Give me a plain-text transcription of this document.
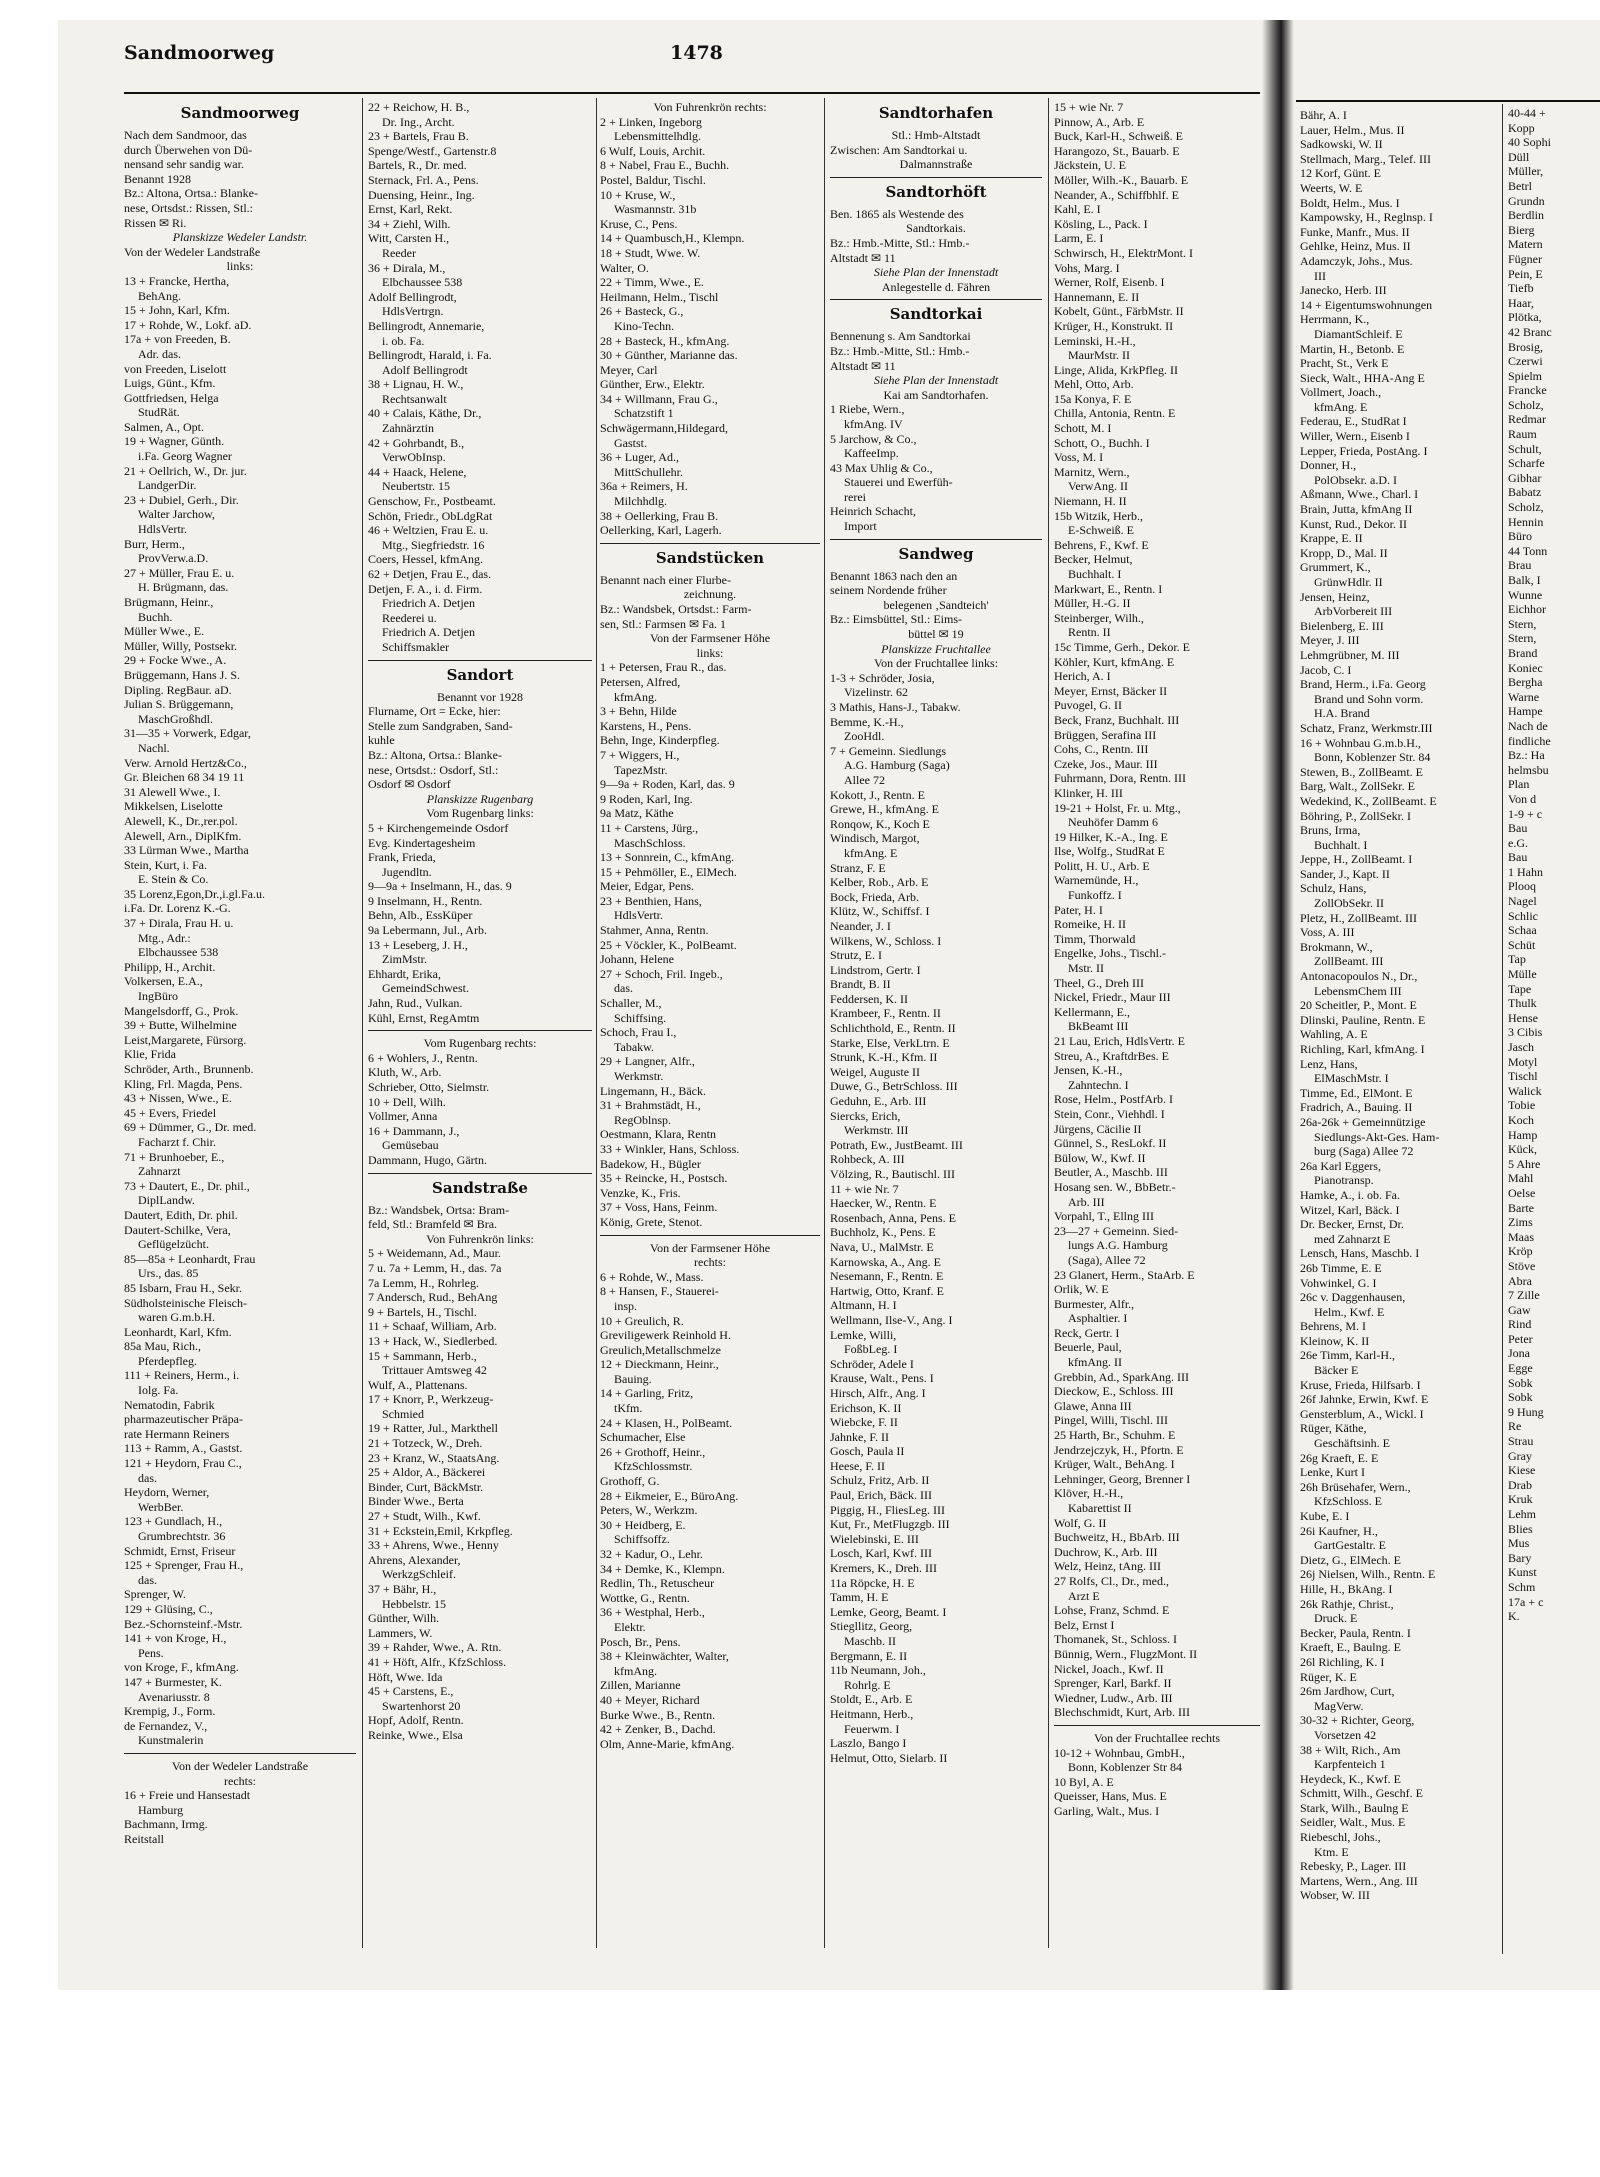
Sandmoorweg	1478

Sandmoorweg

Nach dem Sandmoor, das

durch Überwehen von Dü-

nensand sehr sandig war.

Benannt 1928

Bz.: Altona, Ortsa.: Blanke-

nese, Ortsdst.: Rissen, Stl.:

Rissen ✉ Ri.

Planskizze Wedeler Landstr.

Von der Wedeler Landstraße

links:

13 + Francke, Hertha,

BehAng.

15 + John, Karl, Kfm.

17 + Rohde, W., Lokf. aD.

17a + von Freeden, B.

Adr. das.

von Freeden, Liselott

Luigs, Günt., Kfm.

Gottfriedsen, Helga

StudRät.

Salmen, A., Opt.

19 + Wagner, Günth.

i.Fa. Georg Wagner

21 + Oellrich, W., Dr. jur.

LandgerDir.

23 + Dubiel, Gerh., Dir.

Walter Jarchow,

HdlsVertr.

Burr, Herm.,

ProvVerw.a.D.

27 + Müller, Frau E. u.

H. Brügmann, das.

Brügmann, Heinr.,

Buchh.

Müller Wwe., E.

Müller, Willy, Postsekr.

29 + Focke Wwe., A.

Brüggemann, Hans J. S.

Dipling. RegBaur. aD.

Julian S. Brüggemann,

MaschGroßhdl.

31—35 + Vorwerk, Edgar,

Nachl.

Verw. Arnold Hertz&Co.,

Gr. Bleichen 68 34 19 11

31 Alewell Wwe., I.

Mikkelsen, Liselotte

Alewell, K., Dr.,rer.pol.

Alewell, Arn., DiplKfm.

33 Lürman Wwe., Martha

Stein, Kurt, i. Fa.

E. Stein & Co.

35 Lorenz,Egon,Dr.,i.gl.Fa.u.

i.Fa. Dr. Lorenz K.-G.

37 + Dirala, Frau H. u.

Mtg., Adr.:

Elbchaussee 538

Philipp, H., Archit.

Volkersen, E.A.,

IngBüro

Mangelsdorff, G., Prok.

39 + Butte, Wilhelmine

Leist,Margarete, Fürsorg.

Klie, Frida

Schröder, Arth., Brunnenb.

Kling, Frl. Magda, Pens.

43 + Nissen, Wwe., E.

45 + Evers, Friedel

69 + Dümmer, G., Dr. med.

Facharzt f. Chir.

71 + Brunhoeber, E.,

Zahnarzt

73 + Dautert, E., Dr. phil.,

DiplLandw.

Dautert, Edith, Dr. phil.

Dautert-Schilke, Vera,

Geflügelzücht.

85—85a + Leonhardt, Frau

Urs., das. 85

85 Isbarn, Frau H., Sekr.

Südholsteinische Fleisch-

waren G.m.b.H.

Leonhardt, Karl, Kfm.

85a Mau, Rich.,

Pferdepfleg.

111 + Reiners, Herm., i.

Iolg. Fa.

Nematodin, Fabrik

pharmazeutischer Präpa-

rate Hermann Reiners

113 + Ramm, A., Gastst.

121 + Heydorn, Frau C.,

das.

Heydorn, Werner,

WerbBer.

123 + Gundlach, H.,

Grumbrechtstr. 36

Schmidt, Ernst, Friseur

125 + Sprenger, Frau H.,

das.

Sprenger, W.

129 + Glüsing, C.,

Bez.-Schornsteinf.-Mstr.

141 + von Kroge, H.,

Pens.

von Kroge, F., kfmAng.

147 + Burmester, K.

Avenariusstr. 8

Krempig, J., Form.

de Fernandez, V.,

Kunstmalerin

Von der Wedeler Landstraße

rechts:

16 + Freie und Hansestadt

Hamburg

Bachmann, Irmg.

Reitstall

22 + Reichow, H. B.,

Dr. Ing., Archt.

23 + Bartels, Frau B.

Spenge/Westf., Gartenstr.8

Bartels, R., Dr. med.

Sternack, Frl. A., Pens.

Duensing, Heinr., Ing.

Ernst, Karl, Rekt.

34 + Ziehl, Wilh.

Witt, Carsten H.,

Reeder

36 + Dirala, M.,

Elbchaussee 538

Adolf Bellingrodt,

HdlsVertrgn.

Bellingrodt, Annemarie,

i. ob. Fa.

Bellingrodt, Harald, i. Fa.

Adolf Bellingrodt

38 + Lignau, H. W.,

Rechtsanwalt

40 + Calais, Käthe, Dr.,

Zahnärztin

42 + Gohrbandt, B.,

VerwObInsp.

44 + Haack, Helene,

Neubertstr. 15

Genschow, Fr., Postbeamt.

Schön, Friedr., ObLdgRat

46 + Weltzien, Frau E. u.

Mtg., Siegfriedstr. 16

Coers, Hessel, kfmAng.

62 + Detjen, Frau E., das.

Detjen, F. A., i. d. Firm.

Friedrich A. Detjen

Reederei u.

Friedrich A. Detjen

Schiffsmakler

Sandort

Benannt vor 1928

Flurname, Ort = Ecke, hier:

Stelle zum Sandgraben, Sand-

kuhle

Bz.: Altona, Ortsa.: Blanke-

nese, Ortsdst.: Osdorf, Stl.:

Osdorf ✉ Osdorf

Planskizze Rugenbarg

Vom Rugenbarg links:

5 + Kirchengemeinde Osdorf

Evg. Kindertagesheim

Frank, Frieda,

Jugendltn.

9—9a + Inselmann, H., das. 9

9 Inselmann, H., Rentn.

Behn, Alb., EssKüper

9a Lebermann, Jul., Arb.

13 + Leseberg, J. H.,

ZimMstr.

Ehhardt, Erika,

GemeindSchwest.

Jahn, Rud., Vulkan.

Kühl, Ernst, RegAmtm

Vom Rugenbarg rechts:

6 + Wohlers, J., Rentn.

Kluth, W., Arb.

Schrieber, Otto, Sielmstr.

10 + Dell, Wilh.

Vollmer, Anna

16 + Dammann, J.,

Gemüsebau

Dammann, Hugo, Gärtn.

Sandstraße

Bz.: Wandsbek, Ortsa: Bram-

feld, Stl.: Bramfeld ✉ Bra.

Von Fuhrenkrön links:

5 + Weidemann, Ad., Maur.

7 u. 7a + Lemm, H., das. 7a

7a Lemm, H., Rohrleg.

7 Andersch, Rud., BehAng

9 + Bartels, H., Tischl.

11 + Schaaf, William, Arb.

13 + Hack, W., Siedlerbed.

15 + Sammann, Herb.,

Trittauer Amtsweg 42

Wulf, A., Plattenans.

17 + Knorr, P., Werkzeug-

Schmied

19 + Ratter, Jul., Markthell

21 + Totzeck, W., Dreh.

23 + Kranz, W., StaatsAng.

25 + Aldor, A., Bäckerei

Binder, Curt, BäckMstr.

Binder Wwe., Berta

27 + Studt, Wilh., Kwf.

31 + Eckstein,Emil, Krkpfleg.

33 + Ahrens, Wwe., Henny

Ahrens, Alexander,

WerkzgSchleif.

37 + Bähr, H.,

Hebbelstr. 15

Günther, Wilh.

Lammers, W.

39 + Rahder, Wwe., A. Rtn.

41 + Höft, Alfr., KfzSchloss.

Höft, Wwe. Ida

45 + Carstens, E.,

Swartenhorst 20

Hopf, Adolf, Rentn.

Reinke, Wwe., Elsa

Von Fuhrenkrön rechts:

2 + Linken, Ingeborg

Lebensmittelhdlg.

6 Wulf, Louis, Archit.

8 + Nabel, Frau E., Buchh.

Postel, Baldur, Tischl.

10 + Kruse, W.,

Wasmannstr. 31b

Kruse, C., Pens.

14 + Quambusch,H., Klempn.

18 + Studt, Wwe. W.

Walter, O.

22 + Timm, Wwe., E.

Heilmann, Helm., Tischl

26 + Basteck, G.,

Kino-Techn.

28 + Basteck, H., kfmAng.

30 + Günther, Marianne das.

Meyer, Carl

Günther, Erw., Elektr.

34 + Willmann, Frau G.,

Schatzstift 1

Schwägermann,Hildegard,

Gastst.

36 + Luger, Ad.,

MittSchullehr.

36a + Reimers, H.

Milchhdlg.

38 + Oellerking, Frau B.

Oellerking, Karl, Lagerh.

Sandstücken

Benannt nach einer Flurbe-

zeichnung.

Bz.: Wandsbek, Ortsdst.: Farm-

sen, Stl.: Farmsen ✉ Fa. 1

Von der Farmsener Höhe

links:

1 + Petersen, Frau R., das.

Petersen, Alfred,

kfmAng.

3 + Behn, Hilde

Karstens, H., Pens.

Behn, Inge, Kinderpfleg.

7 + Wiggers, H.,

TapezMstr.

9—9a + Roden, Karl, das. 9

9 Roden, Karl, Ing.

9a Matz, Käthe

11 + Carstens, Jürg.,

MaschSchloss.

13 + Sonnrein, C., kfmAng.

15 + Pehmöller, E., ElMech.

Meier, Edgar, Pens.

23 + Benthien, Hans,

HdlsVertr.

Stahmer, Anna, Rentn.

25 + Vöckler, K., PolBeamt.

Johann, Helene

27 + Schoch, Fril. Ingeb.,

das.

Schaller, M.,

Schiffsing.

Schoch, Frau I.,

Tabakw.

29 + Langner, Alfr.,

Werkmstr.

Lingemann, H., Bäck.

31 + Brahmstädt, H.,

RegOblnsp.

Oestmann, Klara, Rentn

33 + Winkler, Hans, Schloss.

Badekow, H., Bügler

35 + Reincke, H., Postsch.

Venzke, K., Fris.

37 + Voss, Hans, Feinm.

König, Grete, Stenot.

Von der Farmsener Höhe

rechts:

6 + Rohde, W., Mass.

8 + Hansen, F., Stauerei-

insp.

10 + Greulich, R.

Greviligewerk Reinhold H.

Greulich,Metallschmelze

12 + Dieckmann, Heinr.,

Bauing.

14 + Garling, Fritz,

tKfm.

24 + Klasen, H., PolBeamt.

Schumacher, Else

26 + Grothoff, Heinr.,

KfzSchlossmstr.

Grothoff, G.

28 + Eikmeier, E., BüroAng.

Peters, W., Werkzm.

30 + Heidberg, E.

Schiffsoffz.

32 + Kadur, O., Lehr.

34 + Demke, K., Klempn.

Redlin, Th., Retuscheur

Wottke, G., Rentn.

36 + Westphal, Herb.,

Elektr.

Posch, Br., Pens.

38 + Kleinwächter, Walter,

kfmAng.

Zillen, Marianne

40 + Meyer, Richard

Burke Wwe., B., Rentn.

42 + Zenker, B., Dachd.

Olm, Anne-Marie, kfmAng.

Sandtorhafen

Stl.: Hmb-Altstadt

Zwischen: Am Sandtorkai u.

Dalmannstraße

Sandtorhöft

Ben. 1865 als Westende des

Sandtorkais.

Bz.: Hmb.-Mitte, Stl.: Hmb.-

Altstadt ✉ 11

Siehe Plan der Innenstadt

Anlegestelle d. Fähren

Sandtorkai

Bennenung s. Am Sandtorkai

Bz.: Hmb.-Mitte, Stl.: Hmb.-

Altstadt ✉ 11

Siehe Plan der Innenstadt

Kai am Sandtorhafen.

1 Riebe, Wern.,

kfmAng. IV

5 Jarchow, & Co.,

KaffeeImp.

43 Max Uhlig & Co.,

Stauerei und Ewerfüh-

rerei

Heinrich Schacht,

Import

Sandweg

Benannt 1863 nach den an

seinem Nordende früher

belegenen ‚Sandteich'

Bz.: Eimsbüttel, Stl.: Eims-

büttel ✉ 19

Planskizze Fruchtallee

Von der Fruchtallee links:

1-3 + Schröder, Josia,

Vizelinstr. 62

3 Mathis, Hans-J., Tabakw.

Bemme, K.-H.,

ZooHdl.

7 + Gemeinn. Siedlungs

A.G. Hamburg (Saga)

Allee 72

Kokott, J., Rentn. E

Grewe, H., kfmAng. E

Ronqow, K., Koch E

Windisch, Margot,

kfmAng. E

Stranz, F. E

Kelber, Rob., Arb. E

Bock, Frieda, Arb.

Klütz, W., Schiffsf. I

Neander, J. I

Wilkens, W., Schloss. I

Strutz, E. I

Lindstrom, Gertr. I

Brandt, B. II

Feddersen, K. II

Krambeer, F., Rentn. II

Schlichthold, E., Rentn. II

Starke, Else, VerkLtrn. E

Strunk, K.-H., Kfm. II

Weigel, Auguste II

Duwe, G., BetrSchloss. III

Geduhn, E., Arb. III

Siercks, Erich,

Werkmstr. III

Potrath, Ew., JustBeamt. III

Rohbeck, A. III

Völzing, R., Bautischl. III

11 + wie Nr. 7

Haecker, W., Rentn. E

Rosenbach, Anna, Pens. E

Buchholz, K., Pens. E

Nava, U., MalMstr. E

Karnowska, A., Ang. E

Nesemann, F., Rentn. E

Hartwig, Otto, Kranf. E

Altmann, H. I

Wellmann, Ilse-V., Ang. I

Lemke, Willi,

FoßbLeg. I

Schröder, Adele I

Krause, Walt., Pens. I

Hirsch, Alfr., Ang. I

Erichson, K. II

Wiebcke, F. II

Jahnke, F. II

Gosch, Paula II

Heese, F. II

Schulz, Fritz, Arb. II

Paul, Erich, Bäck. III

Piggig, H., FliesLeg. III

Kut, Fr., MetFlugzgb. III

Wielebinski, E. III

Losch, Karl, Kwf. III

Kremers, K., Dreh. III

11a Röpcke, H. E

Tamm, H. E

Lemke, Georg, Beamt. I

Stiegllitz, Georg,

Maschb. II

Bergmann, E. II

11b Neumann, Joh.,

Rohrlg. E

Stoldt, E., Arb. E

Heitmann, Herb.,

Feuerwm. I

Laszlo, Bango I

Helmut, Otto, Sielarb. II

15 + wie Nr. 7

Pinnow, A., Arb. E

Buck, Karl-H., Schweiß. E

Harangozo, St., Bauarb. E

Jäckstein, U. E

Möller, Wilh.-K., Bauarb. E

Neander, A., Schiffbhlf. E

Kahl, E. I

Kösling, L., Pack. I

Larm, E. I

Schwirsch, H., ElektrMont. I

Vohs, Marg. I

Werner, Rolf, Eisenb. I

Hannemann, E. II

Kobelt, Günt., FärbMstr. II

Krüger, H., Konstrukt. II

Leminski, H.-H.,

MaurMstr. II

Linge, Alida, KrkPfleg. II

Mehl, Otto, Arb.

15a Konya, F. E

Chilla, Antonia, Rentn. E

Schott, M. I

Schott, O., Buchh. I

Voss, M. I

Marnitz, Wern.,

VerwAng. II

Niemann, H. II

15b Witzik, Herb.,

E-Schweiß. E

Behrens, F., Kwf. E

Becker, Helmut,

Buchhalt. I

Markwart, E., Rentn. I

Müller, H.-G. II

Steinberger, Wilh.,

Rentn. II

15c Timme, Gerh., Dekor. E

Köhler, Kurt, kfmAng. E

Herich, A. I

Meyer, Ernst, Bäcker II

Puvogel, G. II

Beck, Franz, Buchhalt. III

Brüggen, Serafina III

Cohs, C., Rentn. III

Czeke, Jos., Maur. III

Fuhrmann, Dora, Rentn. III

Klinker, H. III

19-21 + Holst, Fr. u. Mtg.,

Neuhöfer Damm 6

19 Hilker, K.-A., Ing. E

Ilse, Wolfg., StudRat E

Politt, H. U., Arb. E

Warnemünde, H.,

Funkoffz. I

Pater, H. I

Romeike, H. II

Timm, Thorwald

Engelke, Johs., Tischl.-

Mstr. II

Theel, G., Dreh III

Nickel, Friedr., Maur III

Kellermann, E.,

BkBeamt III

21 Lau, Erich, HdlsVertr. E

Streu, A., KraftdrBes. E

Jensen, K.-H.,

Zahntechn. I

Rose, Helm., PostfArb. I

Stein, Conr., Viehhdl. I

Jürgens, Cäcilie II

Günnel, S., ResLokf. II

Bülow, W., Kwf. II

Beutler, A., Maschb. III

Hosang sen. W., BbBetr.-

Arb. III

Vorpahl, T., Ellng III

23—27 + Gemeinn. Sied-

lungs A.G. Hamburg

(Saga), Allee 72

23 Glanert, Herm., StaArb. E

Orlik, W. E

Burmester, Alfr.,

Asphaltier. I

Reck, Gertr. I

Beuerle, Paul,

kfmAng. II

Grebbin, Ad., SparkAng. III

Dieckow, E., Schloss. III

Glawe, Anna III

Pingel, Willi, Tischl. III

25 Harth, Br., Schuhm. E

Jendrzejczyk, H., Pfortn. E

Krüger, Walt., BehAng. I

Lehninger, Georg, Brenner I

Klöver, H.-H.,

Kabarettist II

Wolf, G. II

Buchweitz, H., BbArb. III

Duchrow, K., Arb. III

Welz, Heinz, tAng. III

27 Rolfs, Cl., Dr., med.,

Arzt E

Lohse, Franz, Schmd. E

Belz, Ernst I

Thomanek, St., Schloss. I

Bünnig, Wern., FlugzMont. II

Nickel, Joach., Kwf. II

Sprenger, Karl, Barkf. II

Wiedner, Ludw., Arb. III

Blechschmidt, Kurt, Arb. III

Von der Fruchtallee rechts

10-12 + Wohnbau, GmbH.,

Bonn, Koblenzer Str 84

10 Byl, A. E

Queisser, Hans, Mus. E

Garling, Walt., Mus. I

Bähr, A. I

Lauer, Helm., Mus. II

Sadkowski, W. II

Stellmach, Marg., Telef. III

12 Korf, Günt. E

Weerts, W. E

Boldt, Helm., Mus. I

Kampowsky, H., Reglnsp. I

Funke, Manfr., Mus. II

Gehlke, Heinz, Mus. II

Adamczyk, Johs., Mus.

III

Janecko, Herb. III

14 + Eigentumswohnungen

Herrmann, K.,

DiamantSchleif. E

Martin, H., Betonb. E

Pracht, St., Verk E

Sieck, Walt., HHA-Ang E

Vollmert, Joach.,

kfmAng. E

Federau, E., StudRat I

Willer, Wern., Eisenb I

Lepper, Frieda, PostAng. I

Donner, H.,

PolObsekr. a.D. I

Aßmann, Wwe., Charl. I

Brain, Jutta, kfmAng II

Kunst, Rud., Dekor. II

Krappe, E. II

Kropp, D., Mal. II

Grummert, K.,

GrünwHdlr. II

Jensen, Heinz,

ArbVorbereit III

Bielenberg, E. III

Meyer, J. III

Lehmgrübner, M. III

Jacob, C. I

Brand, Herm., i.Fa. Georg

Brand und Sohn vorm.

H.A. Brand

Schatz, Franz, Werkmstr.III

16 + Wohnbau G.m.b.H.,

Bonn, Koblenzer Str. 84

Stewen, B., ZollBeamt. E

Barg, Walt., ZollSekr. E

Wedekind, K., ZollBeamt. E

Böhring, P., ZollSekr. I

Bruns, Irma,

Buchhalt. I

Jeppe, H., ZollBeamt. I

Sander, J., Kapt. II

Schulz, Hans,

ZollObSekr. II

Pletz, H., ZollBeamt. III

Voss, A. III

Brokmann, W.,

ZollBeamt. III

Antonacopoulos N., Dr.,

LebensmChem III

20 Scheitler, P., Mont. E

Dlinski, Pauline, Rentn. E

Wahling, A. E

Richling, Karl, kfmAng. I

Lenz, Hans,

ElMaschMstr. I

Timme, Ed., ElMont. E

Fradrich, A., Bauing. II

26a-26k + Gemeinnützige

Siedlungs-Akt-Ges. Ham-

burg (Saga) Allee 72

26a Karl Eggers,

Pianotransp.

Hamke, A., i. ob. Fa.

Witzel, Karl, Bäck. I

Dr. Becker, Ernst, Dr.

med Zahnarzt E

Lensch, Hans, Maschb. I

26b Timme, E. E

Vohwinkel, G. I

26c v. Daggenhausen,

Helm., Kwf. E

Behrens, M. I

Kleinow, K. II

26e Timm, Karl-H.,

Bäcker E

Kruse, Frieda, Hilfsarb. I

26f Jahnke, Erwin, Kwf. E

Gensterblum, A., Wickl. I

Rüger, Käthe,

Geschäftsinh. E

26g Kraeft, E. E

Lenke, Kurt I

26h Brüsehafer, Wern.,

KfzSchloss. E

Kube, E. I

26i Kaufner, H.,

GartGestaltr. E

Dietz, G., ElMech. E

26j Nielsen, Wilh., Rentn. E

Hille, H., BkAng. I

26k Rathje, Christ.,

Druck. E

Becker, Paula, Rentn. I

Kraeft, E., Baulng. E

26l Richling, K. I

Rüger, K. E

26m Jardhow, Curt,

MagVerw.

30-32 + Richter, Georg,

Vorsetzen 42

38 + Wilt, Rich., Am

Karpfenteich 1

Heydeck, K., Kwf. E

Schmitt, Wilh., Geschf. E

Stark, Wilh., Baulng E

Seidler, Walt., Mus. E

Riebeschl, Johs.,

Ktm. E

Rebesky, P., Lager. III

Martens, Wern., Ang. III

Wobser, W. III

40-44 +

Kopp

40 Sophi

Düll

Müller,

Betrl

Grundn

Berdlin

Bierg

Matern

Fügner

Pein, E

Tiefb

Haar,

Plötka,

42 Branc

Brosig,

Czerwi

Spielm

Francke

Scholz,

Redmar

Raum

Schult,

Scharfe

Gibhar

Babatz

Scholz,

Hennin

Büro

44 Tonn

Brau

Balk, I

Wunne

Eichhor

Stern,

Stern,

Brand

Koniec

Bergha

Warne

Hampe

Nach de

findliche

Bz.: Ha

helmsbu

Plan

Von d

1-9 + c

Bau

e.G.

Bau

1 Hahn

Plooq

Nagel

Schlic

Schaa

Schüt

Tap

Mülle

Tape

Thulk

Hense

3 Cibis

Jasch

Motyl

Tischl

Walick

Tobie

Koch

Hamp

Kück,

5 Ahre

Mahl

Oelse

Barte

Zims

Maas

Kröp

Stöve

Abra

7 Zille

Gaw

Rind

Peter

Jona

Egge

Sobk

Sobk

9 Hung

Re

Strau

Gray

Kiese

Drab

Kruk

Lehm

Blies

Mus

Bary

Kunst

Schm

17a + c

K.
